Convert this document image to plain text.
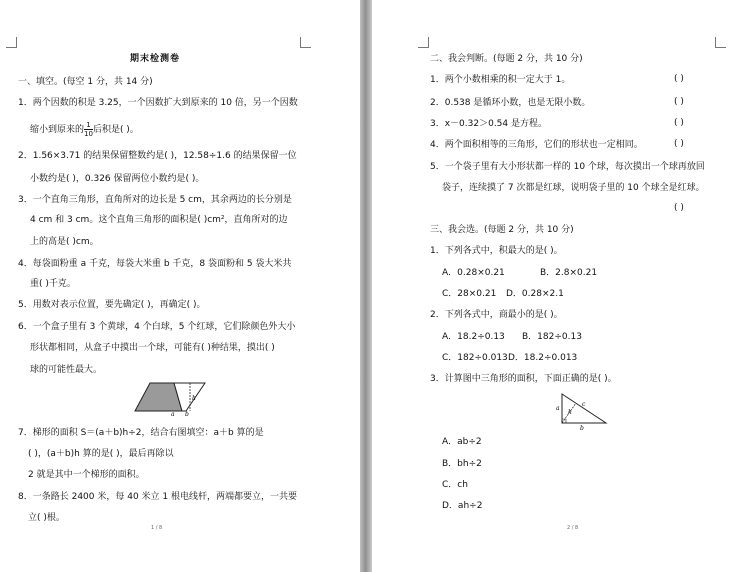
期末检测卷
一、填空。(每空 1 分，共 14 分)
1．两个因数的积是 3.25，一个因数扩大到原来的 10 倍，另一个因数
缩小到原来的 $\frac{1}{10}$ 后积是( )。
2．1.56×3.71 的结果保留整数约是( )，12.58÷1.6 的结果保留一位
小数约是( )，0.326 保留两位小数约是( )。
3．一个直角三角形，直角所对的边长是 5 cm，其余两边的长分别是
4 cm 和 3 cm。这个直角三角形的面积是( )cm²，直角所对的边
上的高是( )cm。
4．每袋面粉重 a 千克，每袋大米重 b 千克，8 袋面粉和 5 袋大米共
重( )千克。
5．用数对表示位置，要先确定( )，再确定( )。
6．一个盒子里有 3 个黄球，4 个白球，5 个红球，它们除颜色外大小
形状都相同，从盒子中摸出一个球，可能有( )种结果，摸出( )
球的可能性最大。
h
a b
7．梯形的面积 S＝(a＋b)h÷2，结合右图填空：a＋b 算的是
( )，(a＋b)h 算的是( )，最后再除以
2 就是其中一个梯形的面积。
8．一条路长 2400 米，每 40 米立 1 根电线杆，两端都要立，一共要
立( )根。
1 / 8
二、我会判断。(每题 2 分，共 10 分)
1．两个小数相乘的积一定大于 1。	( )
2．0.538 是循环小数，也是无限小数。	( )
3．x－0.32＞0.54 是方程。	( )
4．两个面积相等的三角形，它们的形状也一定相同。	( )
5．一个袋子里有大小形状都一样的 10 个球，每次摸出一个球再放回
袋子，连续摸了 7 次都是红球，说明袋子里的 10 个球全是红球。
( )
三、我会选。(每题 2 分，共 10 分)
1．下列各式中，积最大的是( )。
A．0.28×0.21	B．2.8×0.21
C．28×0.21 D．0.28×2.1
2．下列各式中，商最小的是( )。
A．18.2÷0.13 B．182÷0.13
C．182÷0.013 D．18.2÷0.013
3．计算图中三角形的面积，下面正确的是( )。
a
h
c
b
A．ab÷2
B．bh÷2
C．ch
D．ah÷2
2 / 8
